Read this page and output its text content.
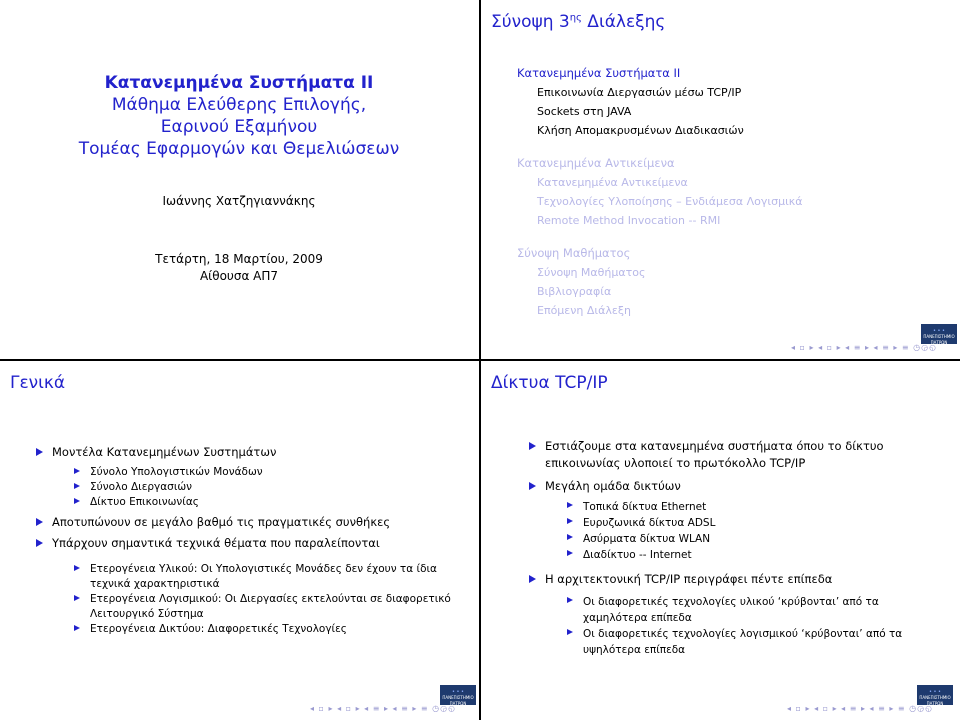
Κατανεμημένα Συστήματα ΙΙ
Μάθημα Ελεύθερης Επιλογής,
Εαρινού Εξαμήνου
Τομέας Εφαρμογών και Θεμελιώσεων
Ιωάννης Χατζηγιαννάκης
Τετάρτη, 18 Μαρτίου, 2009
Αίθουσα ΑΠ7
Σύνοψη $3^{\eta\varsigma}$ Διάλεξης
Κατανεμημένα Συστήματα ΙΙ
Επικοινωνία Διεργασιών μέσω TCP/IP
Sockets στη JAVA
Κλήση Απομακρυσμένων Διαδικασιών
Κατανεμημένα Αντικείμενα
Κατανεμημένα Αντικείμενα
Τεχνολογίες Υλοποίησης – Ενδιάμεσα Λογισμικά
Remote Method Invocation -- RMI
Σύνοψη Μαθήματος
Σύνοψη Μαθήματος
Βιβλιογραφία
Επόμενη Διάλεξη
• • •
ΠΑΝΕΠΙΣΤΗΜΙΟ
ΠΑΤΡΩΝ
◂ ▫ ▸ ◂ ▫ ▸ ◂ ≡ ▸ ◂ ≡ ▸ ≡ ◷◶◵
Γενικά
Μοντέλα Κατανεμημένων Συστημάτων
Σύνολο Υπολογιστικών Μονάδων
Σύνολο Διεργασιών
Δίκτυο Επικοινωνίας
Αποτυπώνουν σε μεγάλο βαθμό τις πραγματικές συνθήκες
Υπάρχουν σημαντικά τεχνικά θέματα που παραλείπονται
Ετερογένεια Υλικού: Οι Υπολογιστικές Μονάδες δεν έχουν τα ίδια τεχνικά χαρακτηριστικά
Ετερογένεια Λογισμικού: Οι Διεργασίες εκτελούνται σε διαφορετικό Λειτουργικό Σύστημα
Ετερογένεια Δικτύου: Διαφορετικές Τεχνολογίες
• • •
ΠΑΝΕΠΙΣΤΗΜΙΟ
ΠΑΤΡΩΝ
◂ ▫ ▸ ◂ ▫ ▸ ◂ ≡ ▸ ◂ ≡ ▸ ≡ ◷◶◵
Δίκτυα TCP/IP
Εστιάζουμε στα κατανεμημένα συστήματα όπου το δίκτυο επικοινωνίας υλοποιεί το πρωτόκολλο TCP/IP
Μεγάλη ομάδα δικτύων
Τοπικά δίκτυα Ethernet
Ευρυζωνικά δίκτυα ADSL
Ασύρματα δίκτυα WLAN
Διαδίκτυο -- Internet
Η αρχιτεκτονική TCP/IP περιγράφει πέντε επίπεδα
Οι διαφορετικές τεχνολογίες υλικού ‘κρύβονται’ από τα χαμηλότερα επίπεδα
Οι διαφορετικές τεχνολογίες λογισμικού ‘κρύβονται’ από τα υψηλότερα επίπεδα
• • •
ΠΑΝΕΠΙΣΤΗΜΙΟ
ΠΑΤΡΩΝ
◂ ▫ ▸ ◂ ▫ ▸ ◂ ≡ ▸ ◂ ≡ ▸ ≡ ◷◶◵
